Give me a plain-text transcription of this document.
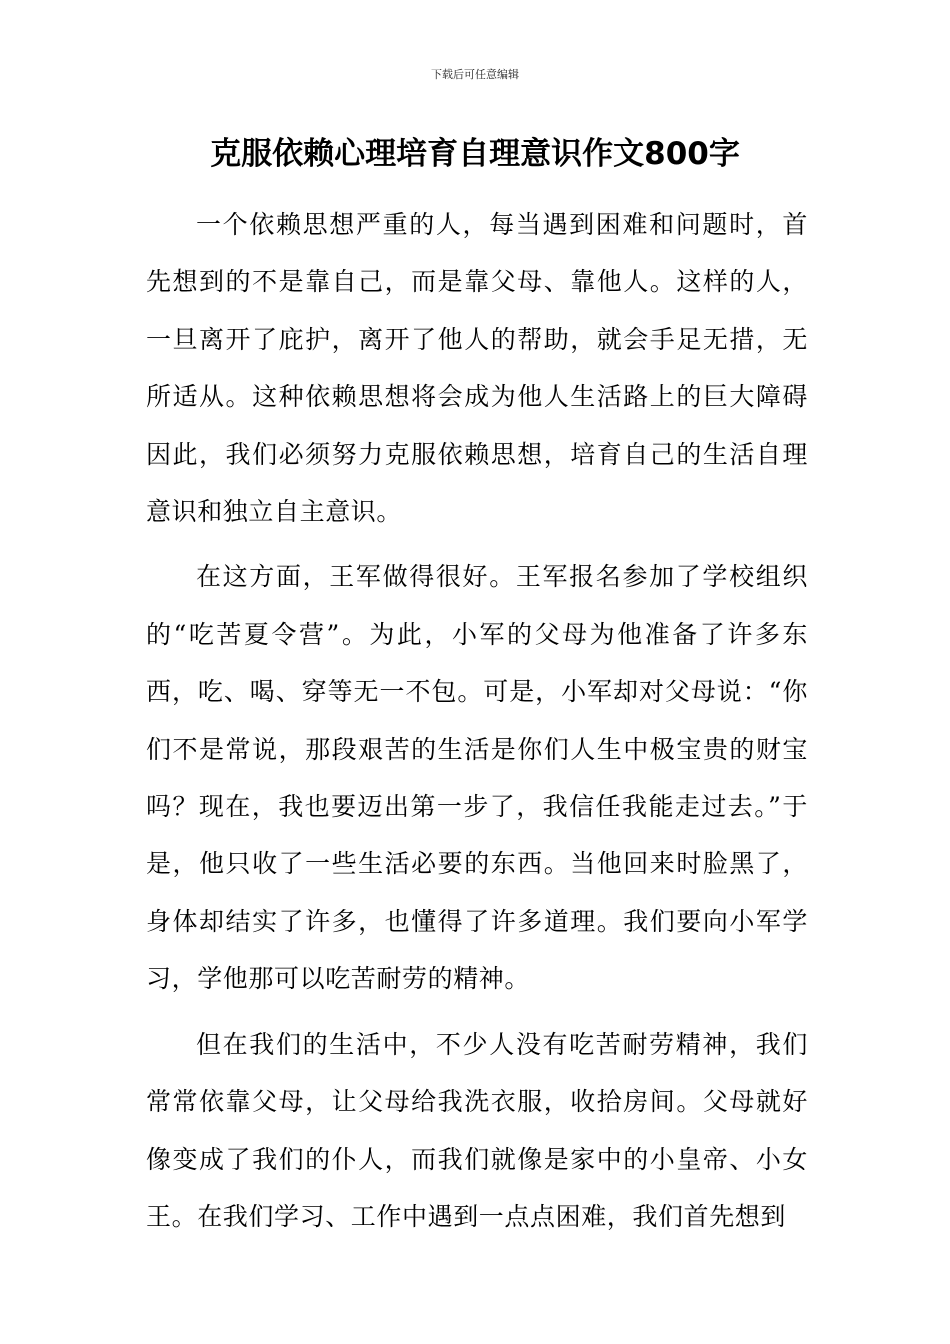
下载后可任意编辑
克服依赖心理培育自理意识作文800字

一个依赖思想严重的人，每当遇到困难和问题时，首先想到的不是靠自己，而是靠父母、靠他人。这样的人，一旦离开了庇护，离开了他人的帮助，就会手足无措，无所适从。这种依赖思想将会成为他人生活路上的巨大障碍因此，我们必须努力克服依赖思想，培育自己的生活自理意识和独立自主意识。

在这方面，王军做得很好。王军报名参加了学校组织的“吃苦夏令营”。为此，小军的父母为他准备了许多东西，吃、喝、穿等无一不包。可是，小军却对父母说：“你们不是常说，那段艰苦的生活是你们人生中极宝贵的财宝吗？现在，我也要迈出第一步了，我信任我能走过去。”于是，他只收了一些生活必要的东西。当他回来时脸黑了，身体却结实了许多，也懂得了许多道理。我们要向小军学习，学他那可以吃苦耐劳的精神。

但在我们的生活中，不少人没有吃苦耐劳精神，我们常常依靠父母，让父母给我洗衣服，收拾房间。父母就好像变成了我们的仆人，而我们就像是家中的小皇帝、小女王。在我们学习、工作中遇到一点点困难，我们首先想到
